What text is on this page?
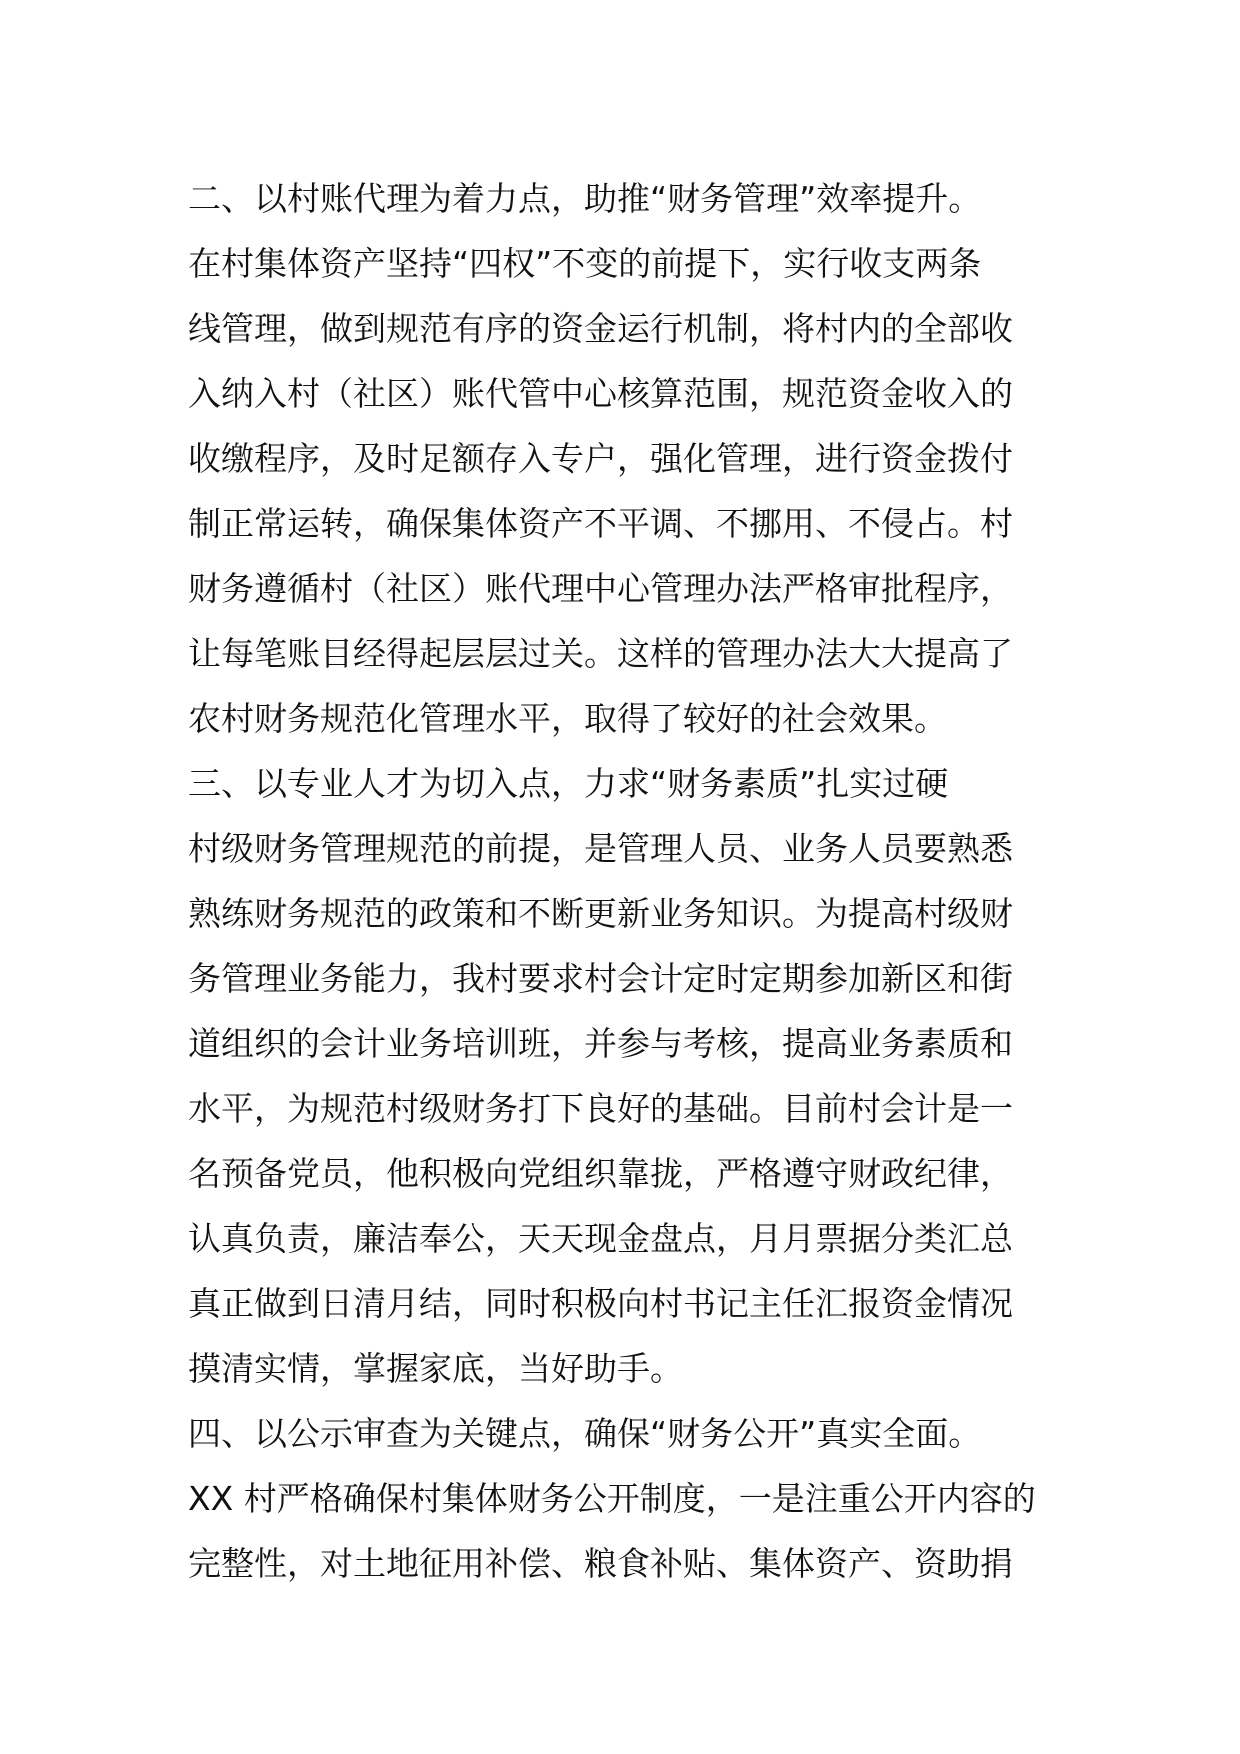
二、以村账代理为着力点，助推“财务管理”效率提升。
在村集体资产坚持“四权”不变的前提下，实行收支两条
线管理，做到规范有序的资金运行机制，将村内的全部收
入纳入村（社区）账代管中心核算范围，规范资金收入的
收缴程序，及时足额存入专户，强化管理，进行资金拨付
制正常运转，确保集体资产不平调、不挪用、不侵占。村
财务遵循村（社区）账代理中心管理办法严格审批程序，
让每笔账目经得起层层过关。这样的管理办法大大提高了
农村财务规范化管理水平，取得了较好的社会效果。
三、以专业人才为切入点，力求“财务素质”扎实过硬
村级财务管理规范的前提，是管理人员、业务人员要熟悉
熟练财务规范的政策和不断更新业务知识。为提高村级财
务管理业务能力，我村要求村会计定时定期参加新区和街
道组织的会计业务培训班，并参与考核，提高业务素质和
水平，为规范村级财务打下良好的基础。目前村会计是一
名预备党员，他积极向党组织靠拢，严格遵守财政纪律，
认真负责，廉洁奉公，天天现金盘点，月月票据分类汇总
真正做到日清月结，同时积极向村书记主任汇报资金情况
摸清实情，掌握家底，当好助手。
四、以公示审查为关键点，确保“财务公开”真实全面。
XX 村严格确保村集体财务公开制度，一是注重公开内容的
完整性，对土地征用补偿、粮食补贴、集体资产、资助捐
